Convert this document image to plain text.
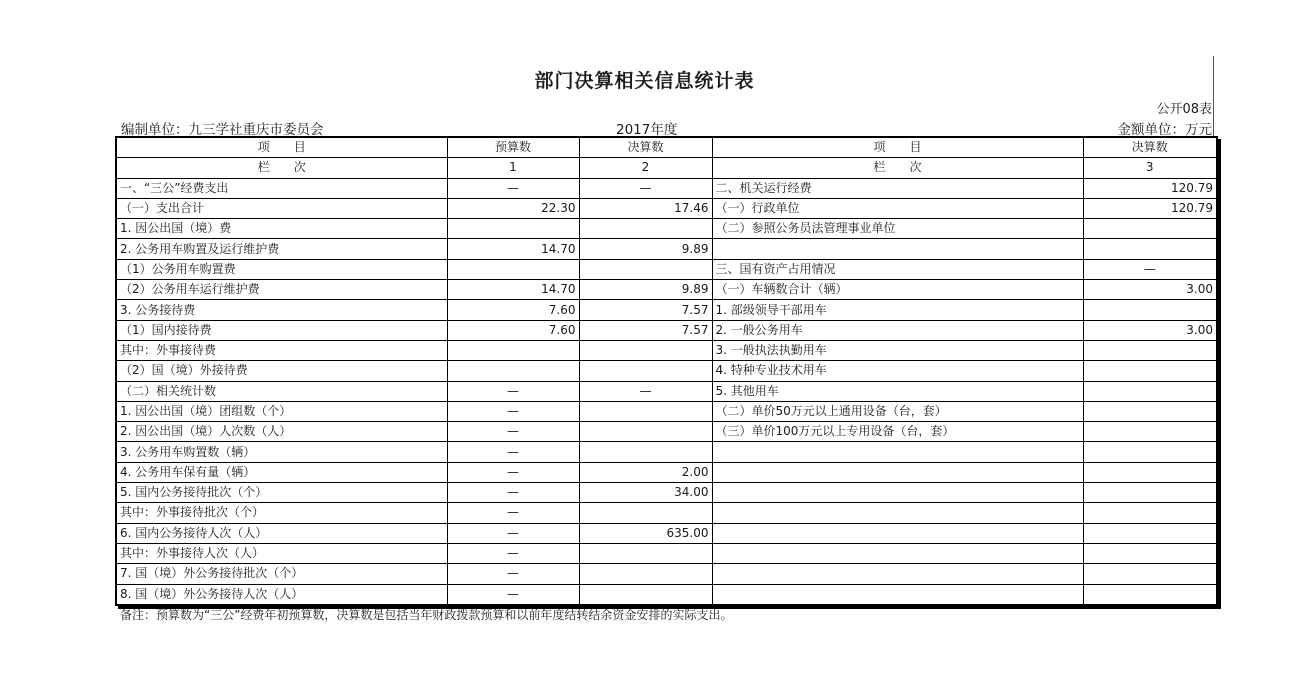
部门决算相关信息统计表
公开08表
编制单位：九三学社重庆市委员会	2017年度	金额单位：万元
项　　目	预算数	决算数	项　　目	决算数
栏　　次	1	2	栏　　次	3
一、“三公”经费支出	—	—	二、机关运行经费	120.79
（一）支出合计	22.30	17.46	（一）行政单位	120.79
1. 因公出国（境）费			（二）参照公务员法管理事业单位	
2. 公务用车购置及运行维护费	14.70	9.89		
（1）公务用车购置费			三、国有资产占用情况	—
（2）公务用车运行维护费	14.70	9.89	（一）车辆数合计（辆）	3.00
3. 公务接待费	7.60	7.57	1. 部级领导干部用车	
（1）国内接待费	7.60	7.57	2. 一般公务用车	3.00
其中：外事接待费			3. 一般执法执勤用车	
（2）国（境）外接待费			4. 特种专业技术用车	
（二）相关统计数	—	—	5. 其他用车	
1. 因公出国（境）团组数（个）	—		（二）单价50万元以上通用设备（台，套）	
2. 因公出国（境）人次数（人）	—		（三）单价100万元以上专用设备（台，套）	
3. 公务用车购置数（辆）	—			
4. 公务用车保有量（辆）	—	2.00		
5. 国内公务接待批次（个）	—	34.00		
其中：外事接待批次（个）	—			
6. 国内公务接待人次（人）	—	635.00		
其中：外事接待人次（人）	—			
7. 国（境）外公务接待批次（个）	—			
8. 国（境）外公务接待人次（人）	—			
备注：预算数为“三公”经费年初预算数，决算数是包括当年财政拨款预算和以前年度结转结余资金安排的实际支出。
